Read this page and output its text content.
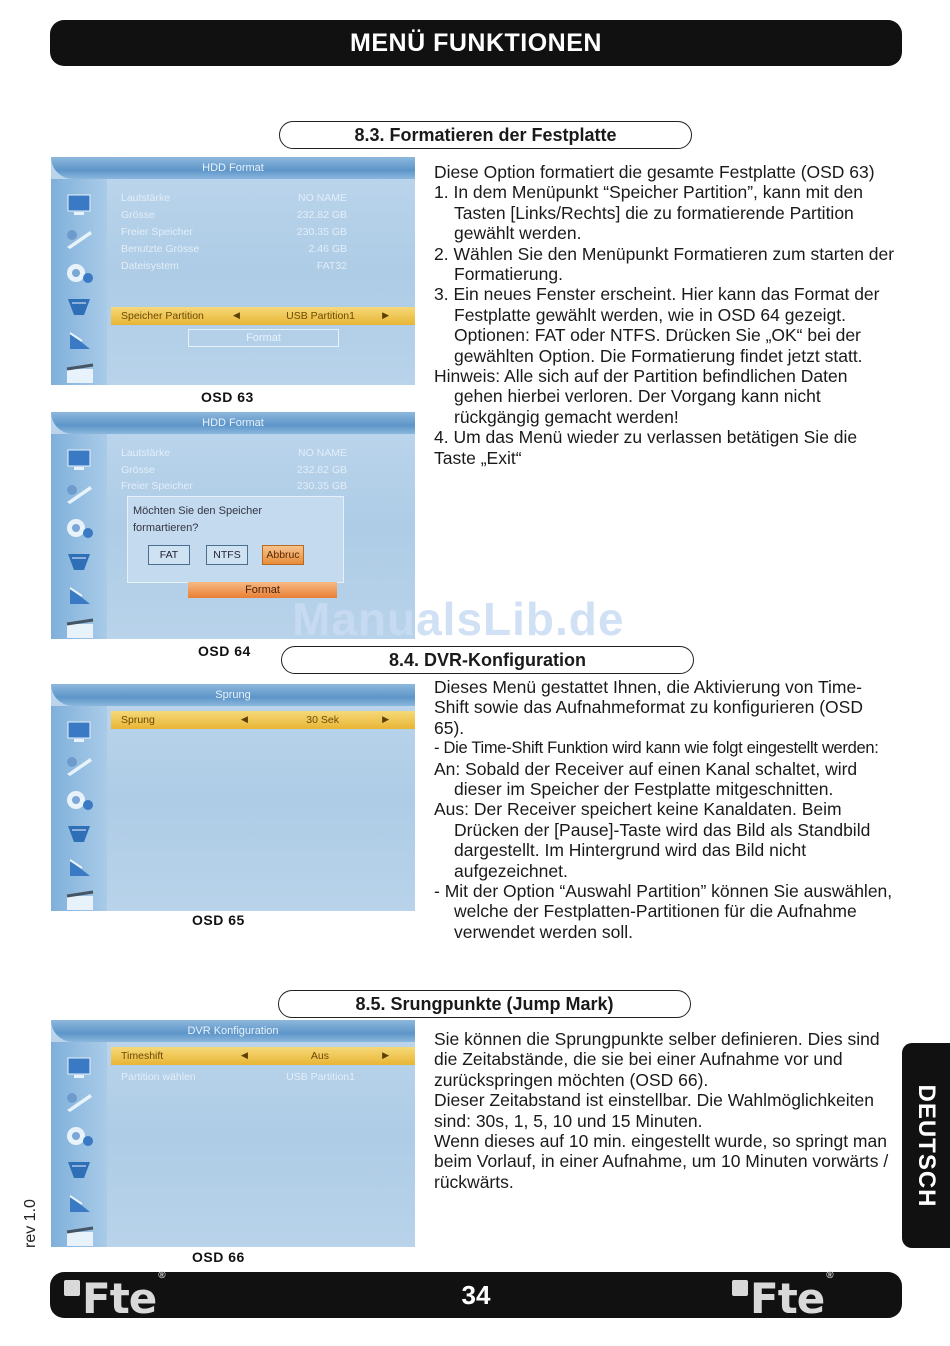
MENÜ FUNKTIONEN
8.3. Formatieren der Festplatte
HDD Format
Lautstärke	NO NAME
Grösse	232.82 GB
Freier Speicher	230.35 GB
Benutzte Grösse	2.46 GB
Dateisystem	FAT32
Speicher Partition	◀	USB Partition1	▶
Format
OSD 63
HDD Format
Lautstärke	NO NAME
Grösse	232.82 GB
Freier Speicher	230.35 GB
Möchten Sie den Speicher
formartieren?
FAT	NTFS	Abbruc
Format
OSD 64

Diese Option formatiert die gesamte Festplatte (OSD 63)

1. In dem Menüpunkt “Speicher Partition”, kann mit den Tasten [Links/Rechts] die zu formatierende Partition gewählt werden.

2. Wählen Sie den Menüpunkt Formatieren zum starten der Formatierung.

3. Ein neues Fenster erscheint. Hier kann das Format der Festplatte gewählt werden, wie in OSD 64 gezeigt. Optionen: FAT oder NTFS. Drücken Sie „OK“ bei der gewählten Option. Die Formatierung findet jetzt statt.

Hinweis: Alle sich auf der Partition befindlichen Daten gehen hierbei verloren. Der Vorgang kann nicht rückgängig gemacht werden!

4. Um das Menü wieder zu verlassen betätigen Sie die Taste „Exit“

ManualsLib.de
8.4. DVR-Konfiguration
Sprung
Sprung	◀	30 Sek	▶
OSD 65

Dieses Menü gestattet Ihnen, die Aktivierung von Time-Shift sowie das Aufnahmeformat zu konfigurieren (OSD 65).

- Die Time-Shift Funktion wird kann wie folgt eingestellt werden:

An: Sobald der Receiver auf einen Kanal schaltet, wird dieser im Speicher der Festplatte mitgeschnitten.

Aus: Der Receiver speichert keine Kanaldaten. Beim Drücken der [Pause]-Taste wird das Bild als Standbild dargestellt. Im Hintergrund wird das Bild nicht aufgezeichnet.

- Mit der Option “Auswahl Partition” können Sie auswählen, welche der Festplatten-Partitionen für die Aufnahme verwendet werden soll.

8.5. Srungpunkte (Jump Mark)
DVR Konfiguration
Timeshift	◀	Aus	▶
Partition wählen	USB Partition1
OSD 66

Sie können die Sprungpunkte selber definieren. Dies sind die Zeitabstände, die sie bei einer Aufnahme vor und zurückspringen möchten (OSD 66).

Dieser Zeitabstand ist einstellbar. Die Wahlmöglichkeiten sind: 30s, 1, 5, 10 und 15 Minuten.

Wenn dieses auf 10 min. eingestellt wurde, so springt man beim Vorlauf, in einer Aufnahme, um 10 Minuten vorwärts / rückwärts.	DEUTSCH
rev 1.0
Fte ®
34	Fte ®
